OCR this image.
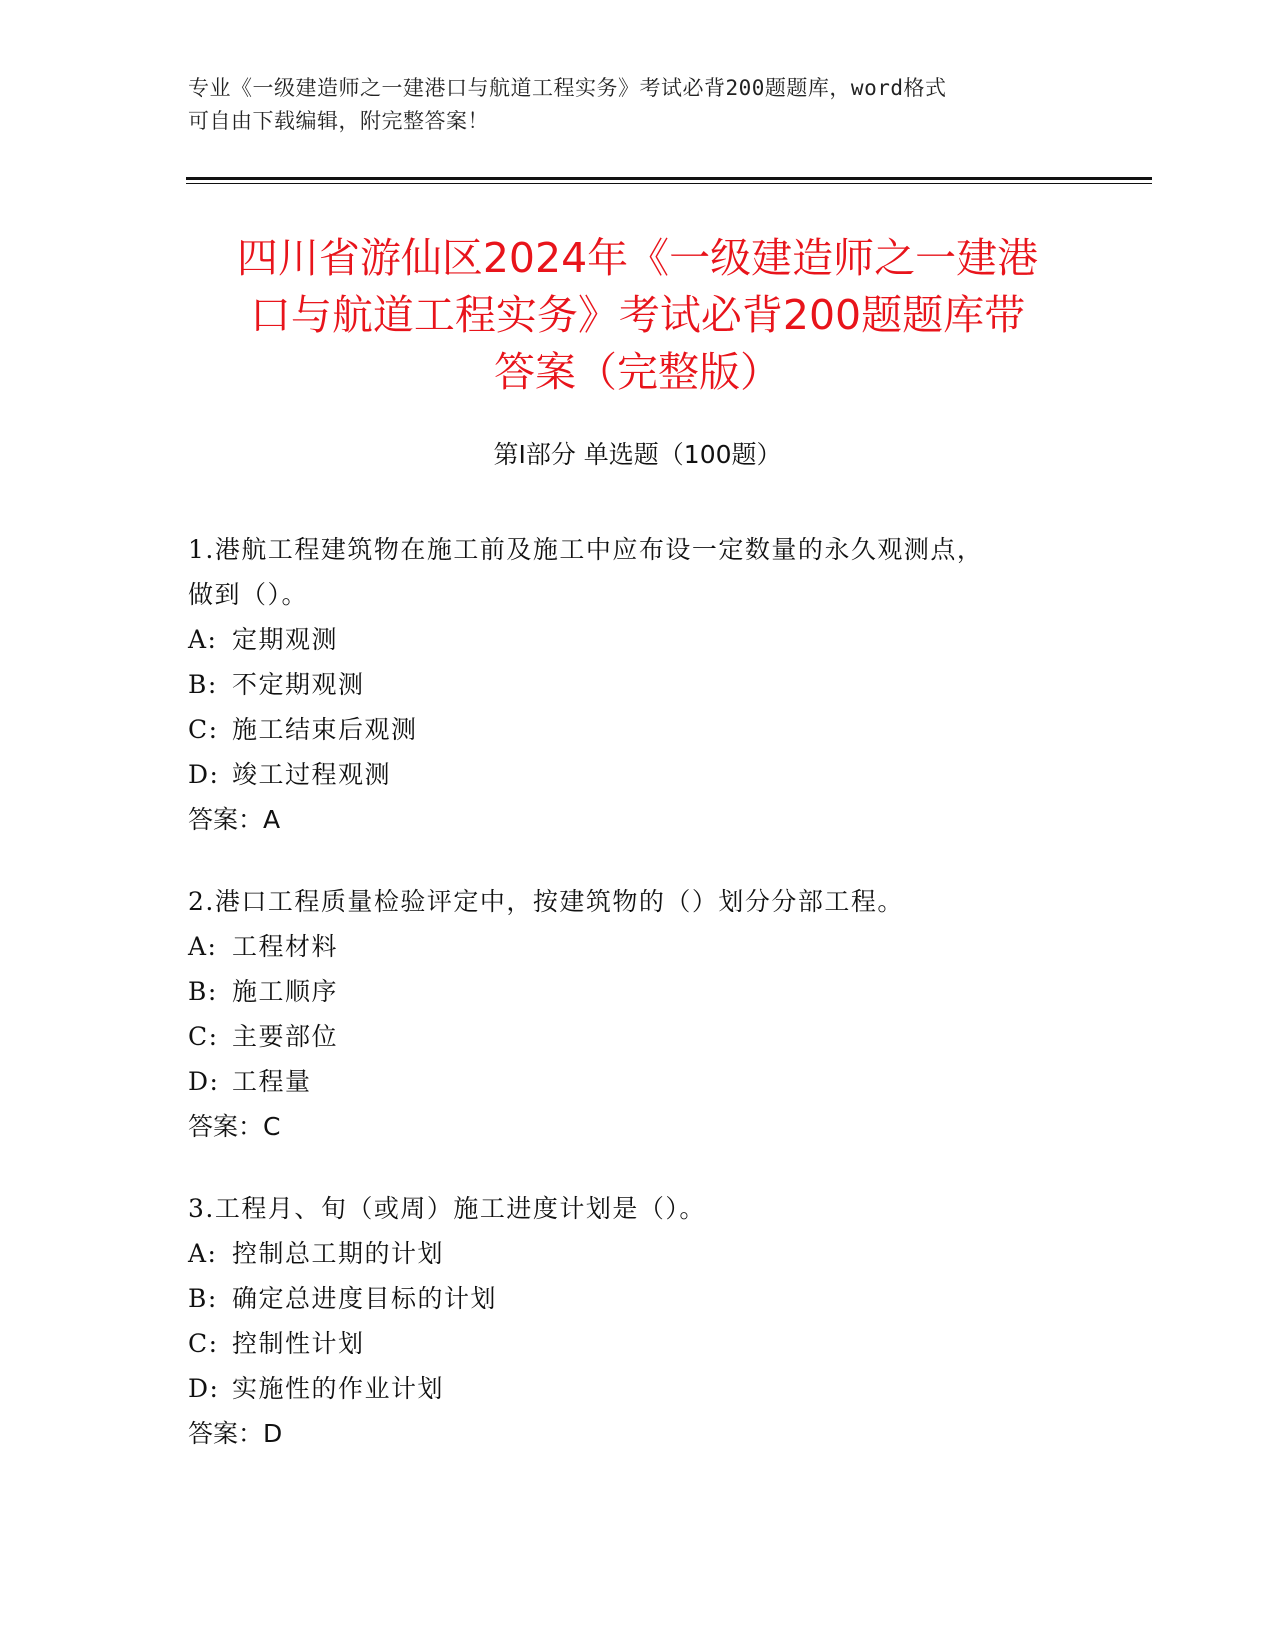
专业《一级建造师之一建港口与航道工程实务》考试必背200题题库，word格式
可自由下载编辑，附完整答案！
四川省游仙区2024年《一级建造师之一建港
口与航道工程实务》考试必背200题题库带
答案（完整版）
第I部分 单选题（100题）
1.港航工程建筑物在施工前及施工中应布设一定数量的永久观测点，
做到（）。
A: 定期观测
B: 不定期观测
C: 施工结束后观测
D: 竣工过程观测
答案：A
2.港口工程质量检验评定中，按建筑物的（）划分分部工程。
A: 工程材料
B: 施工顺序
C: 主要部位
D: 工程量
答案：C
3.工程月、旬（或周）施工进度计划是（）。
A: 控制总工期的计划
B: 确定总进度目标的计划
C: 控制性计划
D: 实施性的作业计划
答案：D
